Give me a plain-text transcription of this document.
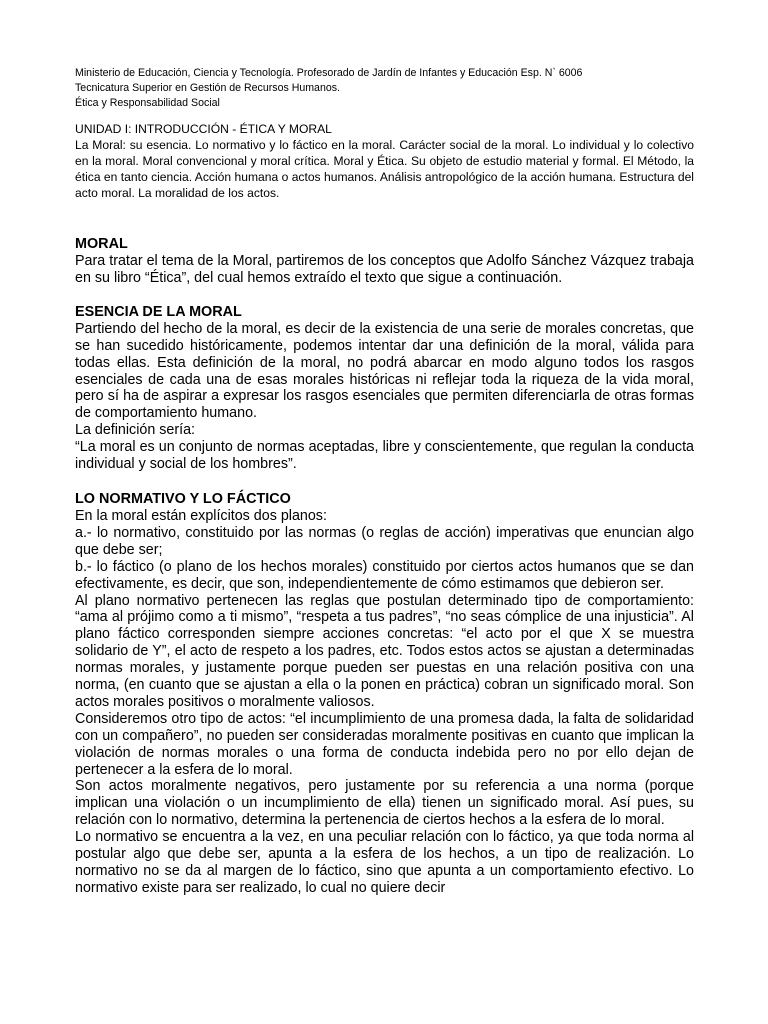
Ministerio de Educación, Ciencia y Tecnología. Profesorado de Jardín de Infantes y Educación Esp. N` 6006
Tecnicatura Superior en Gestión de Recursos Humanos.
Ética y Responsabilidad Social
UNIDAD I: INTRODUCCIÓN - ÉTICA Y MORAL
La Moral: su esencia. Lo normativo y lo fáctico en la moral. Carácter social de la moral. Lo individual y lo colectivo en la moral. Moral convencional y moral crítica. Moral y Ética. Su objeto de estudio material y formal. El Método, la ética en tanto ciencia. Acción humana o actos humanos. Análisis antropológico de la acción humana. Estructura del acto moral. La moralidad de los actos.
MORAL

Para tratar el tema de la Moral, partiremos de los conceptos que Adolfo Sánchez Vázquez trabaja en su libro “Ética”, del cual hemos extraído el texto que sigue a continuación.

ESENCIA DE LA MORAL

Partiendo del hecho de la moral, es decir de la existencia de una serie de morales concretas, que se han sucedido históricamente, podemos intentar dar una definición de la moral, válida para todas ellas. Esta definición de la moral, no podrá abarcar en modo alguno todos los rasgos esenciales de cada una de esas morales históricas ni reflejar toda la riqueza de la vida moral, pero sí ha de aspirar a expresar los rasgos esenciales que permiten diferenciarla de otras formas de comportamiento humano.

La definición sería:

“La moral es un conjunto de normas aceptadas, libre y conscientemente, que regulan la conducta individual y social de los hombres”.

LO NORMATIVO Y LO FÁCTICO

En la moral están explícitos dos planos:

a.- lo normativo, constituido por las normas (o reglas de acción) imperativas que enuncian algo que debe ser;

b.- lo fáctico (o plano de los hechos morales) constituido por ciertos actos humanos que se dan efectivamente, es decir, que son, independientemente de cómo estimamos que debieron ser.

Al plano normativo pertenecen las reglas que postulan determinado tipo de comportamiento: “ama al prójimo como a ti mismo”, “respeta a tus padres”, “no seas cómplice de una injusticia”. Al plano fáctico corresponden siempre acciones concretas: “el acto por el que X se muestra solidario de Y”, el acto de respeto a los padres, etc. Todos estos actos se ajustan a determinadas normas morales, y justamente porque pueden ser puestas en una relación positiva con una norma, (en cuanto que se ajustan a ella o la ponen en práctica) cobran un significado moral. Son actos morales positivos o moralmente valiosos.

Consideremos otro tipo de actos: “el incumplimiento de una promesa dada, la falta de solidaridad con un compañero”, no pueden ser consideradas moralmente positivas en cuanto que implican la violación de normas morales o una forma de conducta indebida pero no por ello dejan de pertenecer a la esfera de lo moral.

Son actos moralmente negativos, pero justamente por su referencia a una norma (porque implican una violación o un incumplimiento de ella) tienen un significado moral. Así pues, su relación con lo normativo, determina la pertenencia de ciertos hechos a la esfera de lo moral.

Lo normativo se encuentra a la vez, en una peculiar relación con lo fáctico, ya que toda norma al postular algo que debe ser, apunta a la esfera de los hechos, a un tipo de realización. Lo normativo no se da al margen de lo fáctico, sino que apunta a un comportamiento efectivo. Lo normativo existe para ser realizado, lo cual no quiere decir
